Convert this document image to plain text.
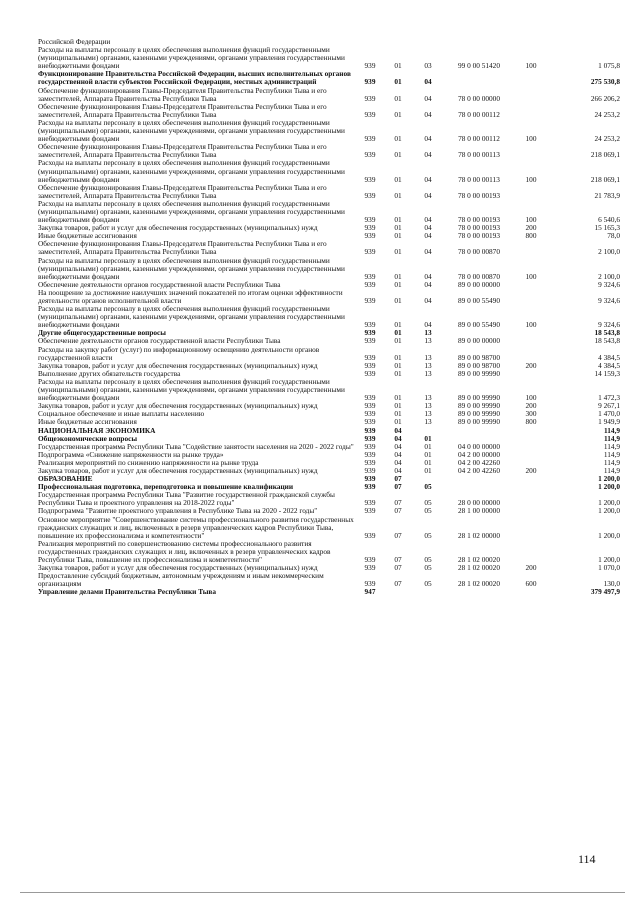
Российской Федерации						
Расходы на выплаты персоналу в целях обеспечения выполнения функций государственными (муниципальными) органами, казенными учреждениями, органами управления государственными внебюджетными фондами	939	01	03	99 0 00 51420	100	1 075,8
Функционирование Правительства Российской Федерации, высших исполнительных органов государственной власти субъектов Российской Федерации, местных администраций	939	01	04			275 530,8
Обеспечение функционирования Главы-Председателя Правительства Республики Тыва и его заместителей, Аппарата Правительства Республики Тыва	939	01	04	78 0 00 00000		266 206,2
Обеспечение функционирования Главы-Председателя Правительства Республики Тыва и его заместителей, Аппарата Правительства Республики Тыва	939	01	04	78 0 00 00112		24 253,2
Расходы на выплаты персоналу в целях обеспечения выполнения функций государственными (муниципальными) органами, казенными учреждениями, органами управления государственными внебюджетными фондами	939	01	04	78 0 00 00112	100	24 253,2
Обеспечение функционирования Главы-Председателя Правительства Республики Тыва и его заместителей, Аппарата Правительства Республики Тыва	939	01	04	78 0 00 00113		218 069,1
Расходы на выплаты персоналу в целях обеспечения выполнения функций государственными (муниципальными) органами, казенными учреждениями, органами управления государственными внебюджетными фондами	939	01	04	78 0 00 00113	100	218 069,1
Обеспечение функционирования Главы-Председателя Правительства Республики Тыва и его заместителей, Аппарата Правительства Республики Тыва	939	01	04	78 0 00 00193		21 783,9
Расходы на выплаты персоналу в целях обеспечения выполнения функций государственными (муниципальными) органами, казенными учреждениями, органами управления государственными внебюджетными фондами	939	01	04	78 0 00 00193	100	6 540,6
Закупка товаров, работ и услуг для обеспечения государственных (муниципальных) нужд	939	01	04	78 0 00 00193	200	15 165,3
Иные бюджетные ассигнования	939	01	04	78 0 00 00193	800	78,0
Обеспечение функционирования Главы-Председателя Правительства Республики Тыва и его заместителей, Аппарата Правительства Республики Тыва	939	01	04	78 0 00 00870		2 100,0
Расходы на выплаты персоналу в целях обеспечения выполнения функций государственными (муниципальными) органами, казенными учреждениями, органами управления государственными внебюджетными фондами	939	01	04	78 0 00 00870	100	2 100,0
Обеспечение деятельности органов государственной власти Республики Тыва	939	01	04	89 0 00 00000		9 324,6
На поощрение за достижение наилучших значений показателей по итогам оценки эффективности деятельности органов исполнительной власти	939	01	04	89 0 00 55490		9 324,6
Расходы на выплаты персоналу в целях обеспечения выполнения функций государственными (муниципальными) органами, казенными учреждениями, органами управления государственными внебюджетными фондами	939	01	04	89 0 00 55490	100	9 324,6
Другие общегосударственные вопросы	939	01	13			18 543,8
Обеспечение деятельности органов государственной власти Республики Тыва	939	01	13	89 0 00 00000		18 543,8
Расходы на закупку работ (услуг) по информационному освещению деятельности органов государственной власти	939	01	13	89 0 00 98700		4 384,5
Закупка товаров, работ и услуг для обеспечения государственных (муниципальных) нужд	939	01	13	89 0 00 98700	200	4 384,5
Выполнение других обязательств государства	939	01	13	89 0 00 99990		14 159,3
Расходы на выплаты персоналу в целях обеспечения выполнения функций государственными (муниципальными) органами, казенными учреждениями, органами управления государственными внебюджетными фондами	939	01	13	89 0 00 99990	100	1 472,3
Закупка товаров, работ и услуг для обеспечения государственных (муниципальных) нужд	939	01	13	89 0 00 99990	200	9 267,1
Социальное обеспечение и иные выплаты населению	939	01	13	89 0 00 99990	300	1 470,0
Иные бюджетные ассигнования	939	01	13	89 0 00 99990	800	1 949,9
НАЦИОНАЛЬНАЯ ЭКОНОМИКА	939	04				114,9
Общеэкономические вопросы	939	04	01			114,9
Государственная программа Республики Тыва "Содействие занятости населения на 2020 - 2022 годы"	939	04	01	04 0 00 00000		114,9
Подпрограмма «Снижение напряженности на рынке труда»	939	04	01	04 2 00 00000		114,9
Реализация мероприятий по снижению напряженности на рынке труда	939	04	01	04 2 00 42260		114,9
Закупка товаров, работ и услуг для обеспечения государственных (муниципальных) нужд	939	04	01	04 2 00 42260	200	114,9
ОБРАЗОВАНИЕ	939	07				1 200,0
Профессиональная подготовка, переподготовка и повышение квалификации	939	07	05			1 200,0
Государственная программа Республики Тыва "Развитие государственной гражданской службы Республики Тыва и проектного управления на 2018-2022 годы"	939	07	05	28 0 00 00000		1 200,0
Подпрограмма "Развитие проектного управления в Республике Тыва на 2020 - 2022 годы"	939	07	05	28 1 00 00000		1 200,0
Основное мероприятие "Совершенствование системы профессионального развития государственных гражданских служащих и лиц, включенных в резерв управленческих кадров Республики Тыва, повышение их профессионализма и компетентности"	939	07	05	28 1 02 00000		1 200,0
Реализация мероприятий по совершенствованию системы профессионального развития государственных гражданских служащих и лиц, включенных в резерв управленческих кадров Республики Тыва, повышение их профессионализма и компетентности"	939	07	05	28 1 02 00020		1 200,0
Закупка товаров, работ и услуг для обеспечения государственных (муниципальных) нужд	939	07	05	28 1 02 00020	200	1 070,0
Предоставление субсидий бюджетным, автономным учреждениям и иным некоммерческим организациям	939	07	05	28 1 02 00020	600	130,0
Управление делами Правительства Республики Тыва	947					379 497,9
114
